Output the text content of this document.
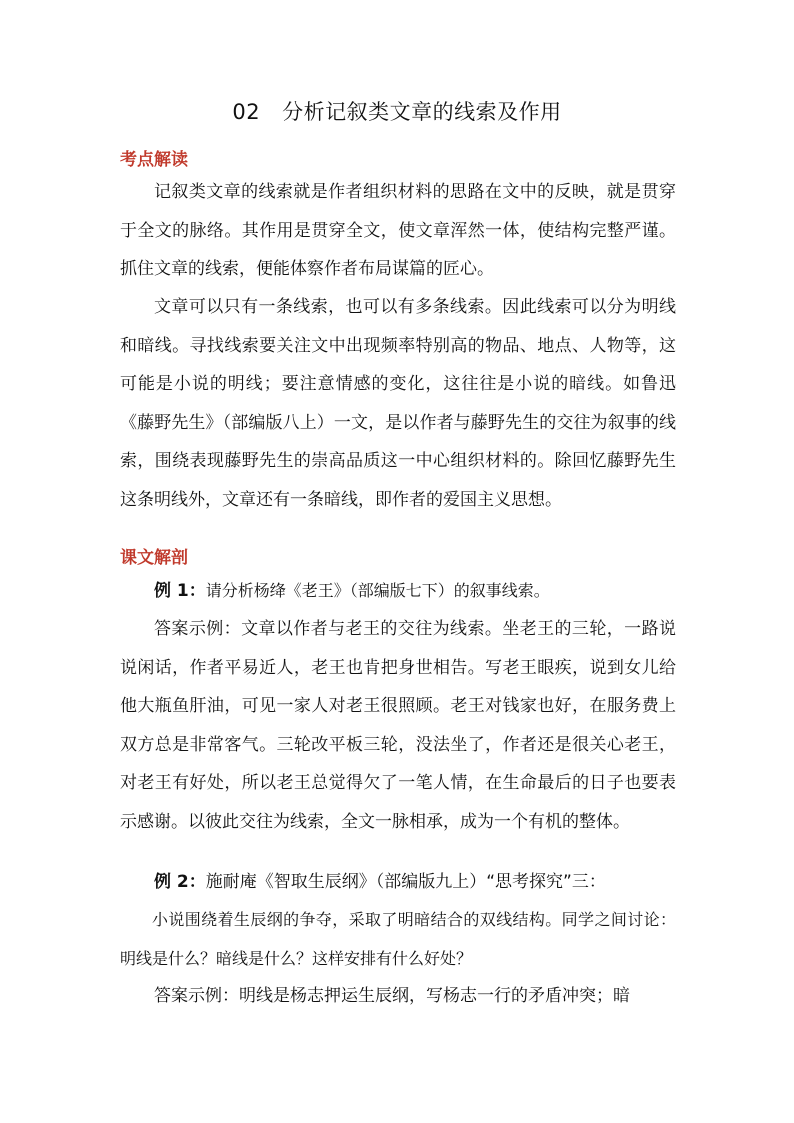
02 分析记叙类文章的线索及作用
考点解读

记叙类文章的线索就是作者组织材料的思路在文中的反映，就是贯穿于全文的脉络。其作用是贯穿全文，使文章浑然一体，使结构完整严谨。抓住文章的线索，便能体察作者布局谋篇的匠心。

文章可以只有一条线索，也可以有多条线索。因此线索可以分为明线和暗线。寻找线索要关注文中出现频率特别高的物品、地点、人物等，这可能是小说的明线；要注意情感的变化，这往往是小说的暗线。如鲁迅《藤野先生》（部编版八上）一文，是以作者与藤野先生的交往为叙事的线索，围绕表现藤野先生的崇高品质这一中心组织材料的。除回忆藤野先生这条明线外，文章还有一条暗线，即作者的爱国主义思想。

课文解剖

例 1：请分析杨绛《老王》（部编版七下）的叙事线索。

答案示例：文章以作者与老王的交往为线索。坐老王的三轮，一路说说闲话，作者平易近人，老王也肯把身世相告。写老王眼疾，说到女儿给他大瓶鱼肝油，可见一家人对老王很照顾。老王对钱家也好，在服务费上双方总是非常客气。三轮改平板三轮，没法坐了，作者还是很关心老王，对老王有好处，所以老王总觉得欠了一笔人情，在生命最后的日子也要表示感谢。以彼此交往为线索，全文一脉相承，成为一个有机的整体。

例 2：施耐庵《智取生辰纲》（部编版九上）“思考探究”三：

小说围绕着生辰纲的争夺，采取了明暗结合的双线结构。同学之间讨论：明线是什么？暗线是什么？这样安排有什么好处？

答案示例：明线是杨志押运生辰纲，写杨志一行的矛盾冲突；暗
